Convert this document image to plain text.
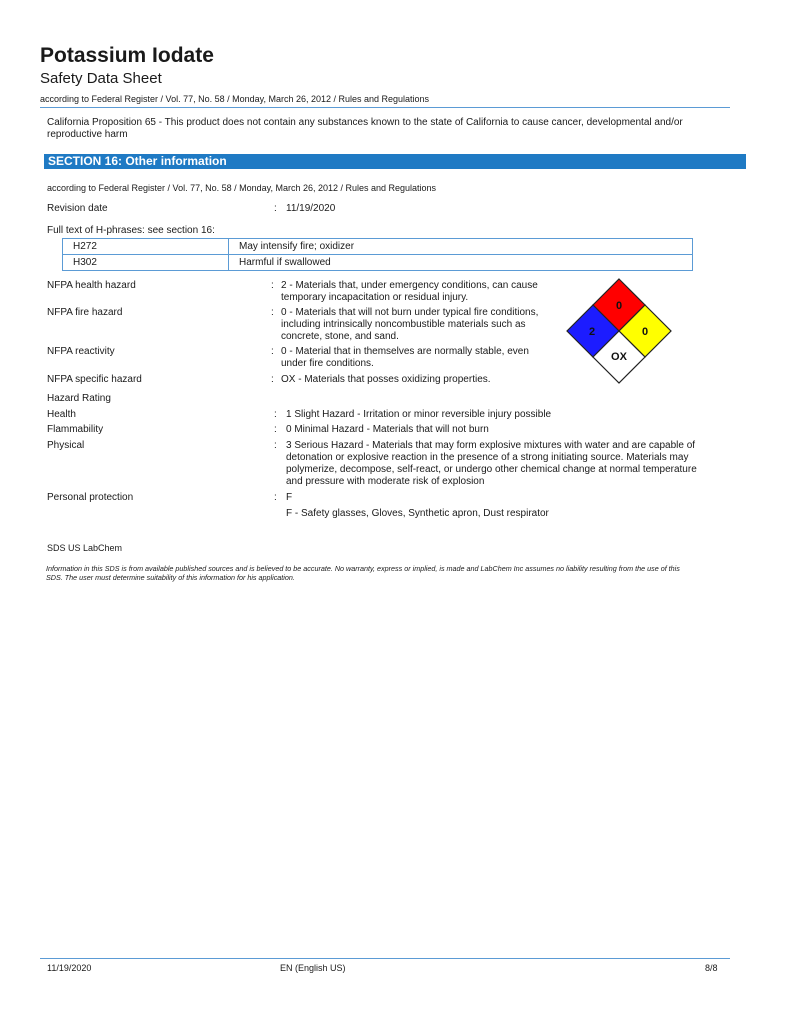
Potassium Iodate
Safety Data Sheet
according to Federal Register / Vol. 77, No. 58 / Monday, March 26, 2012 / Rules and Regulations
California Proposition 65 - This product does not contain any substances known to the state of California to cause cancer, developmental and/or
reproductive harm
SECTION 16: Other information
according to Federal Register / Vol. 77, No. 58 / Monday, March 26, 2012 / Rules and Regulations
Revision date	: 11/19/2020
Full text of H-phrases: see section 16:
H272	May intensify fire; oxidizer
H302	Harmful if swallowed
NFPA health hazard	: 2 - Materials that, under emergency conditions, can cause
temporary incapacitation or residual injury.
NFPA fire hazard	: 0 - Materials that will not burn under typical fire conditions,
including intrinsically noncombustible materials such as
concrete, stone, and sand.
NFPA reactivity	: 0 - Material that in themselves are normally stable, even
under fire conditions.
NFPA specific hazard	: OX - Materials that posses oxidizing properties.
0
2	0
OX
Hazard Rating
Health	: 1 Slight Hazard - Irritation or minor reversible injury possible
Flammability	: 0 Minimal Hazard - Materials that will not burn
Physical	: 3 Serious Hazard - Materials that may form explosive mixtures with water and are capable of
detonation or explosive reaction in the presence of a strong initiating source. Materials may
polymerize, decompose, self-react, or undergo other chemical change at normal temperature
and pressure with moderate risk of explosion
Personal protection	: F
F - Safety glasses, Gloves, Synthetic apron, Dust respirator
SDS US LabChem
Information in this SDS is from available published sources and is believed to be accurate. No warranty, express or implied, is made and LabChem Inc assumes no liability resulting from the use of this
SDS. The user must determine suitability of this information for his application.
11/19/2020	EN (English US)	8/8
